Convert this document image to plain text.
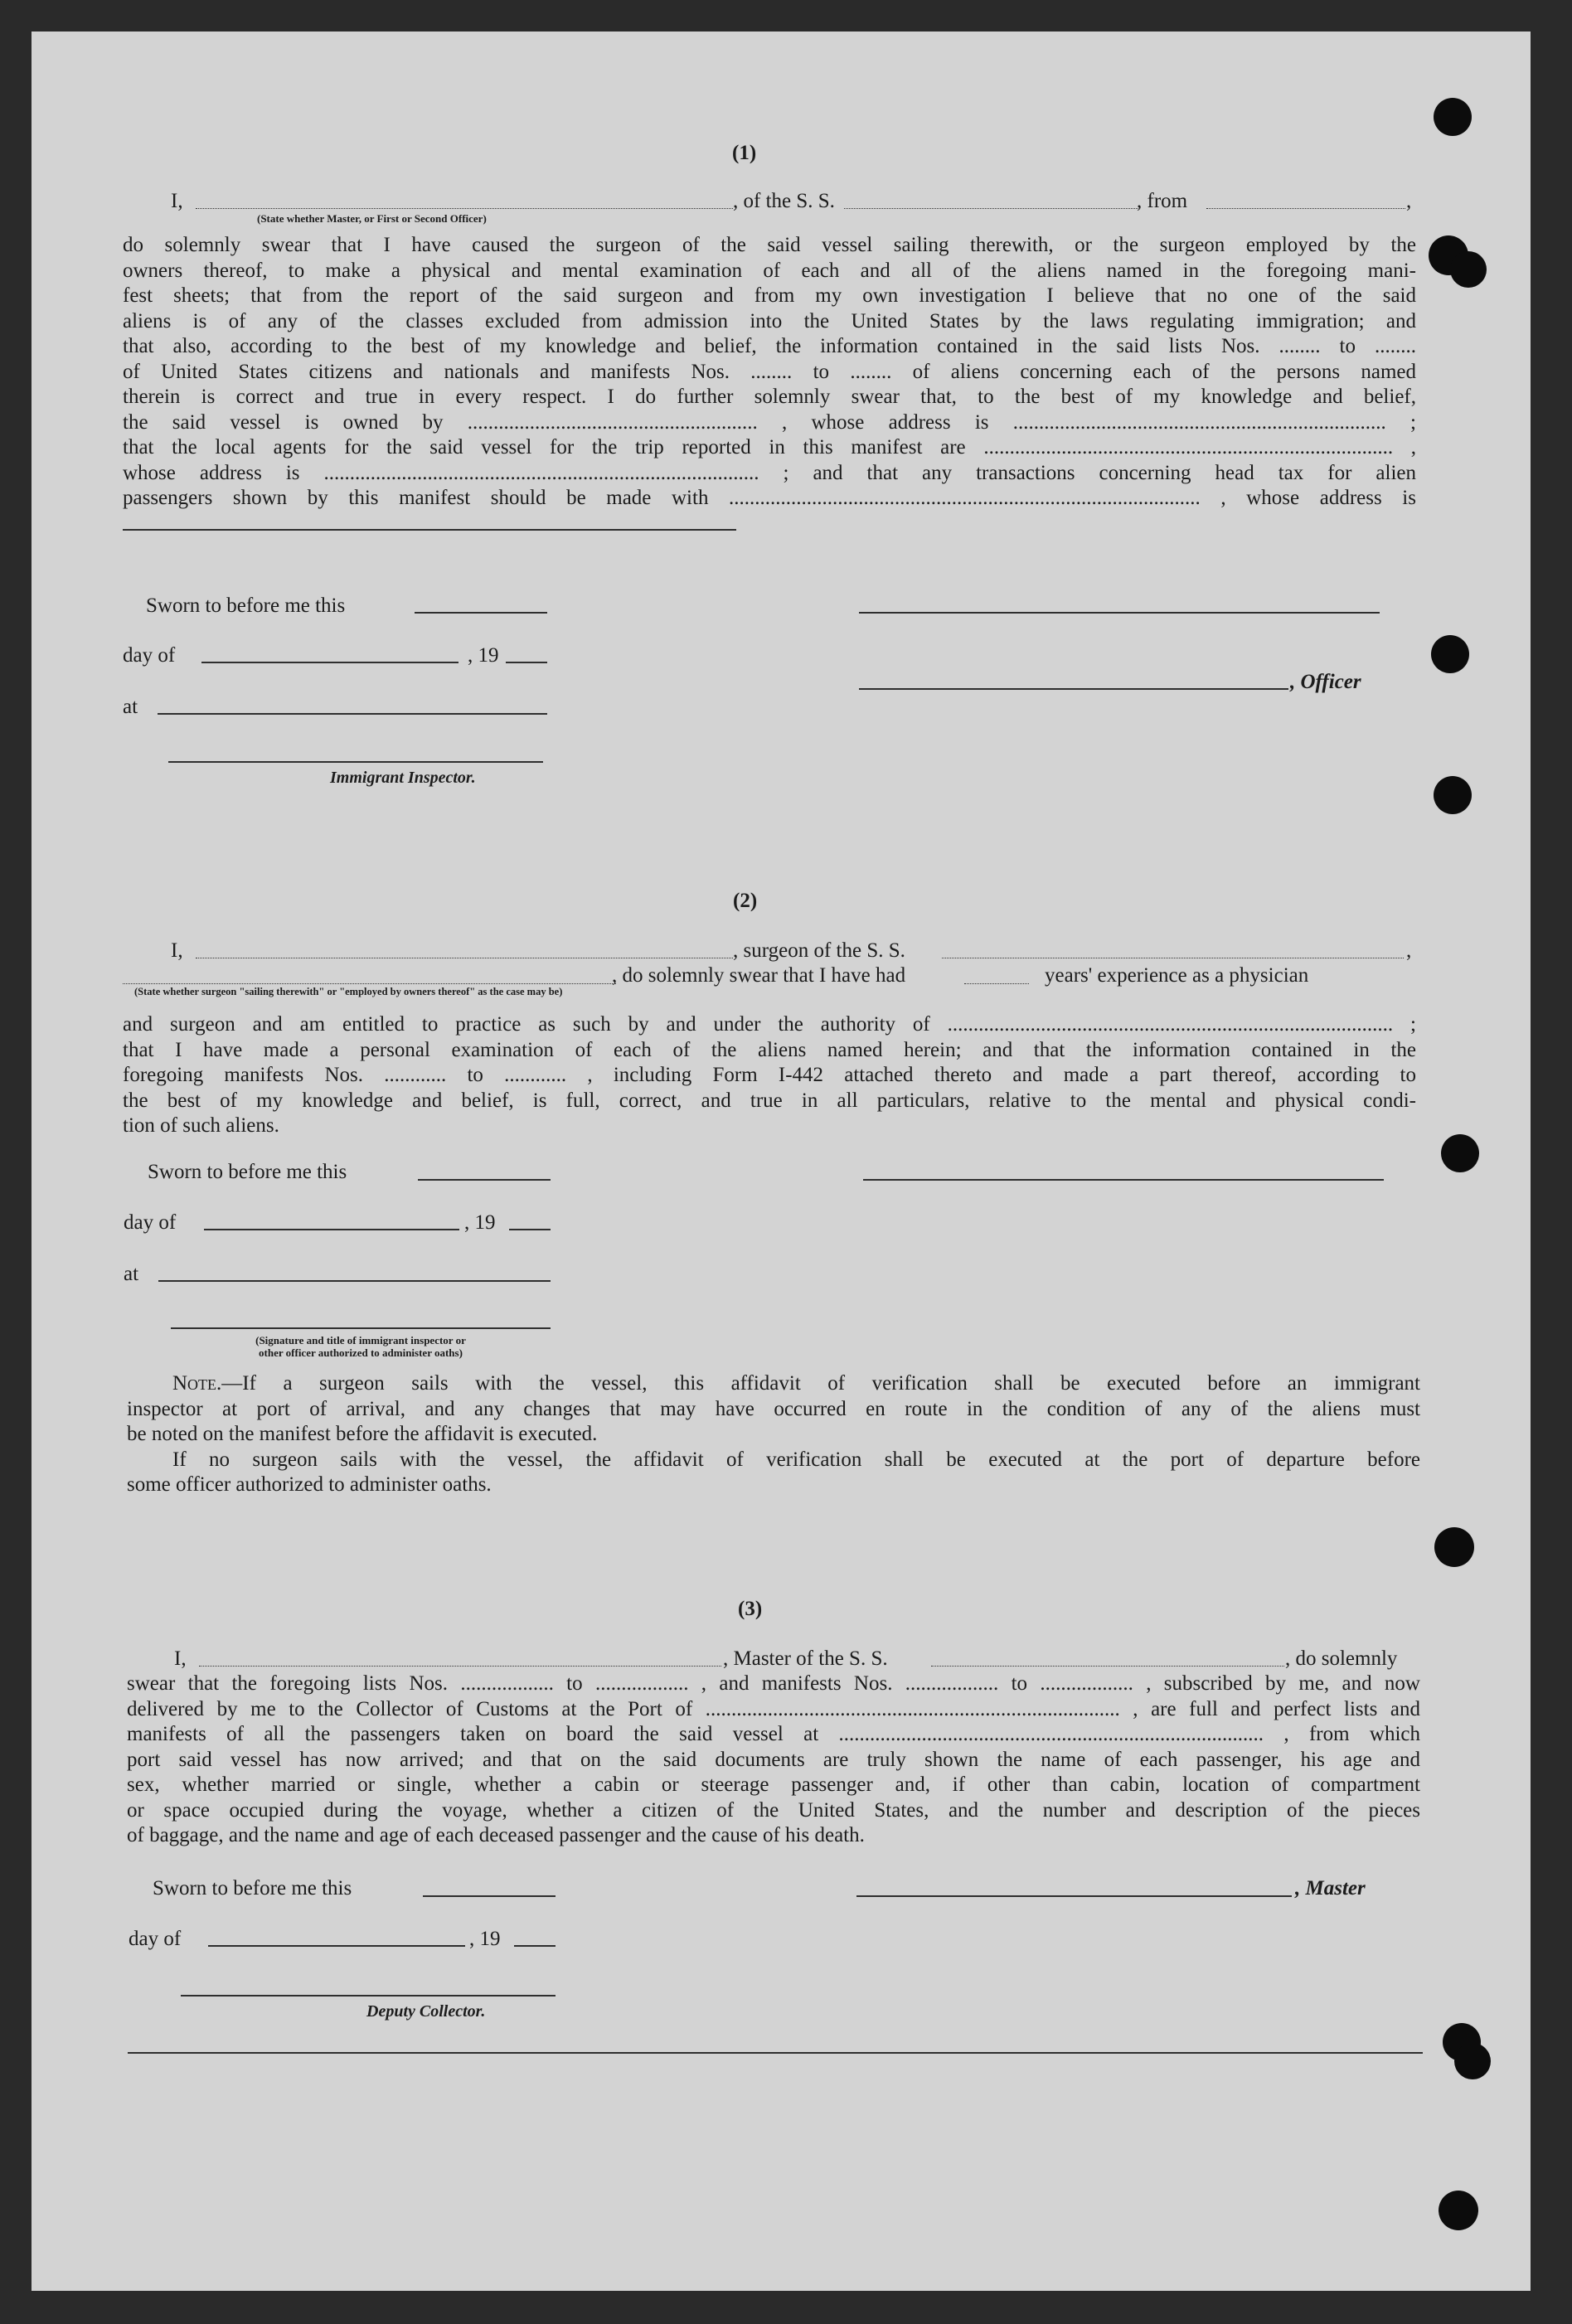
(1)
I,	, of the S. S.	, from	,
(State whether Master, or First or Second Officer)
do solemnly swear that I have caused the surgeon of the said vessel sailing therewith, or the surgeon employed by the
owners thereof, to make a physical and mental examination of each and all of the aliens named in the foregoing mani-
fest sheets; that from the report of the said surgeon and from my own investigation I believe that no one of the said
aliens is of any of the classes excluded from admission into the United States by the laws regulating immigration; and
that also, according to the best of my knowledge and belief, the information contained in the said lists Nos. ........ to ........
of United States citizens and nationals and manifests Nos. ........ to ........ of aliens concerning each of the persons named
therein is correct and true in every respect. I do further solemnly swear that, to the best of my knowledge and belief,
the said vessel is owned by ........................................................ , whose address is ........................................................................ ;
that the local agents for the said vessel for the trip reported in this manifest are ............................................................................... ,
whose address is .................................................................................... ; and that any transactions concerning head tax for alien
passengers shown by this manifest should be made with ........................................................................................... , whose address is
Sworn to before me this
day of	, 19
, Officer
at
Immigrant Inspector.
(2)
I,	, surgeon of the S. S.	,
, do solemnly swear that I have had	years' experience as a physician
(State whether surgeon "sailing therewith" or "employed by owners thereof" as the case may be)
and surgeon and am entitled to practice as such by and under the authority of ...................................................................................... ;
that I have made a personal examination of each of the aliens named herein; and that the information contained in the
foregoing manifests Nos. ............ to ............ , including Form I-442 attached thereto and made a part thereof, according to
the best of my knowledge and belief, is full, correct, and true in all particulars, relative to the mental and physical condi-
tion of such aliens.
Sworn to before me this
day of	, 19
at
(Signature and title of immigrant inspector or
other officer authorized to administer oaths)
Note.—If a surgeon sails with the vessel, this affidavit of verification shall be executed before an immigrant
inspector at port of arrival, and any changes that may have occurred en route in the condition of any of the aliens must
be noted on the manifest before the affidavit is executed.
If no surgeon sails with the vessel, the affidavit of verification shall be executed at the port of departure before
some officer authorized to administer oaths.
(3)
I,	, Master of the S. S.	, do solemnly
swear that the foregoing lists Nos. .................. to .................. , and manifests Nos. .................. to .................. , subscribed by me, and now
delivered by me to the Collector of Customs at the Port of ................................................................................ , are full and perfect lists and
manifests of all the passengers taken on board the said vessel at .................................................................................. , from which
port said vessel has now arrived; and that on the said documents are truly shown the name of each passenger, his age and
sex, whether married or single, whether a cabin or steerage passenger and, if other than cabin, location of compartment
or space occupied during the voyage, whether a citizen of the United States, and the number and description of the pieces
of baggage, and the name and age of each deceased passenger and the cause of his death.
Sworn to before me this	, Master
day of	, 19
Deputy Collector.
